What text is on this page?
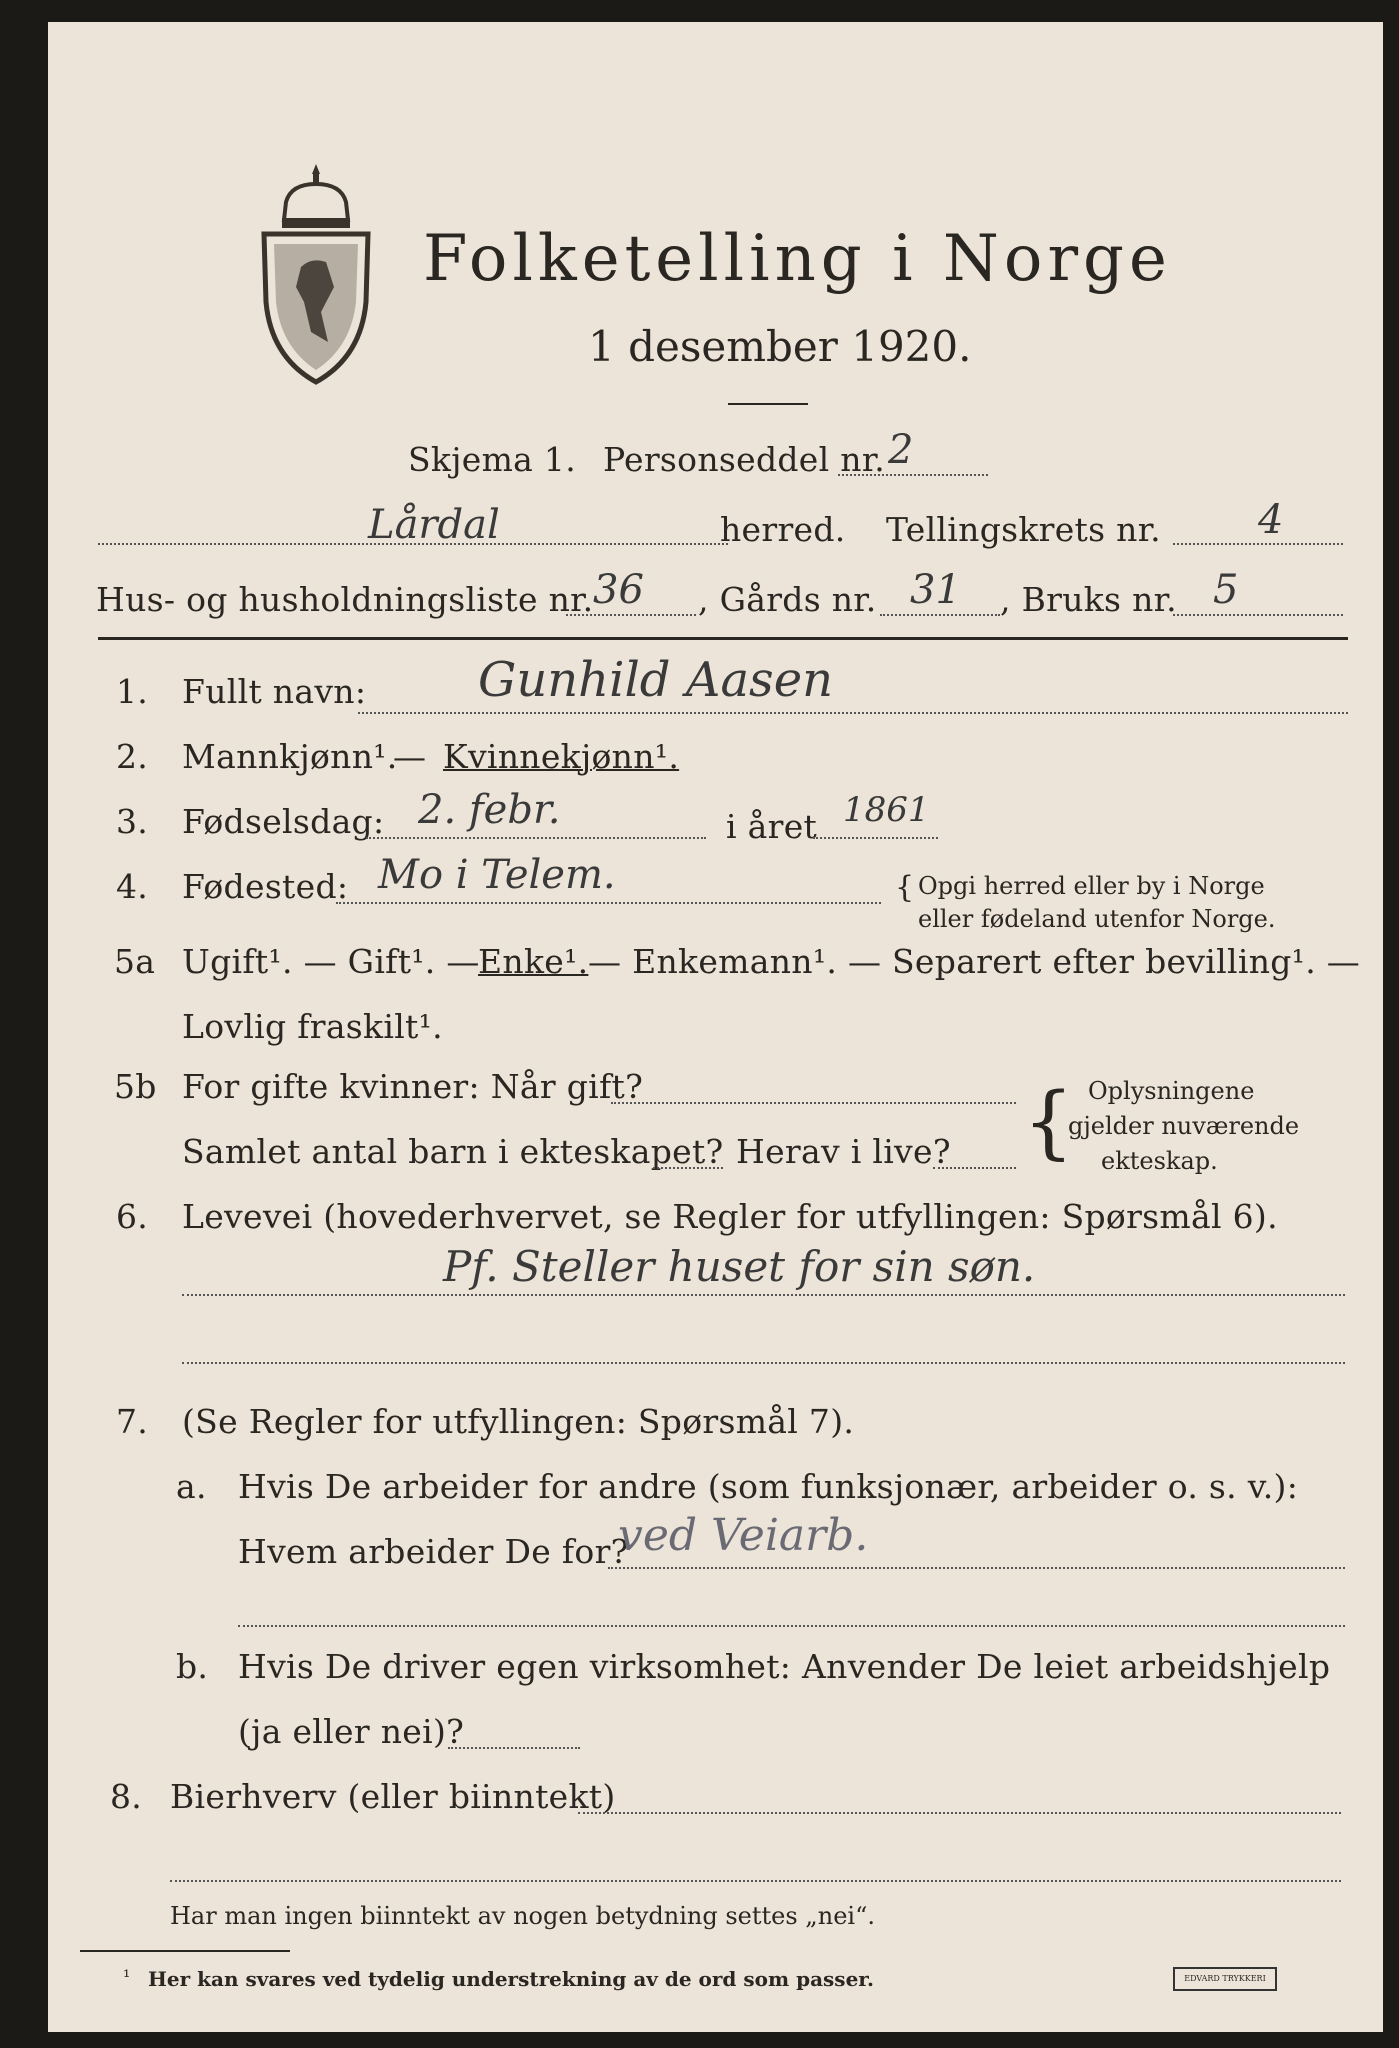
Folketelling i Norge
1 desember 1920.
Skjema 1. Personseddel nr. 2
Lårdal	herred. Tellingskrets nr. 4
Hus- og husholdningsliste nr. 36 , Gårds nr. 31 , Bruks nr. 5
1. Fullt navn: Gunhild Aasen
2. Mannkjønn¹.
— Kvinnekjønn¹.
3. Fødselsdag: 2. febr.	i året 1861
4. Fødested: Mo i Telem.	{ Opgi herred eller by i Norge
eller fødeland utenfor Norge.
5a Ugift¹. — Gift¹. —
Enke¹. — Enkemann¹. — Separert efter bevilling¹. —
Lovlig fraskilt¹.
5b For gifte kvinner: Når gift?
Samlet antal barn i ekteskapet? Herav i live? { Oplysningene
gjelder nuværende
ekteskap.
6. Levevei (hovederhvervet, se Regler for utfyllingen: Spørsmål 6).
Pf. Steller huset for sin søn.
7. (Se Regler for utfyllingen: Spørsmål 7).
a. Hvis De arbeider for andre (som funksjonær, arbeider o. s. v.):
Hvem arbeider De for?
ved Veiarb.
b. Hvis De driver egen virksomhet: Anvender De leiet arbeidshjelp
(ja eller nei)?
8. Bierhverv (eller biinntekt)
Har man ingen biinntekt av nogen betydning settes „nei“.
¹ Her kan svares ved tydelig understrekning av de ord som passer.	EDVARD TRYKKERI
